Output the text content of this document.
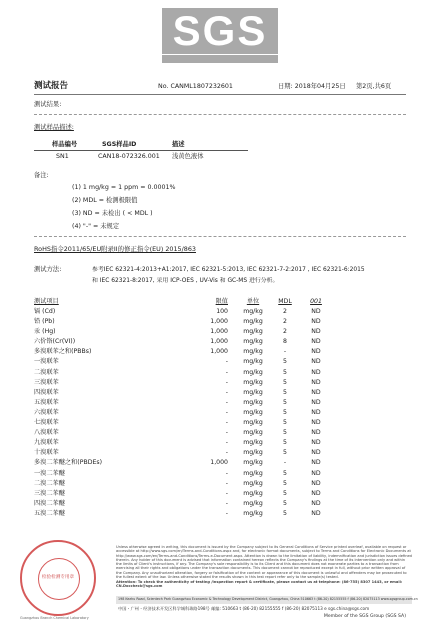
SGS
测试报告	No. CANML1807232601	日期: 2018年04月25日 第2页,共6页
测试结果:
测试样品描述:
样品编号	SGS样品ID	描述
SN1	CAN18-072326.001 浅黄色液体
备注:
(1) 1 mg/kg = 1 ppm = 0.0001%
(2) MDL = 检测极限值
(3) ND = 未检出 ( < MDL )
(4) "-" = 未规定
RoHS指令2011/65/EU附录II的修正指令(EU) 2015/863
测试方法:	参考IEC 62321-4:2013+A1:2017, IEC 62321-5:2013, IEC 62321-7-2:2017 , IEC 62321-6:2015
和 IEC 62321-8:2017, 采用 ICP-OES , UV-Vis 和 GC-MS 进行分析。
测试项目	限值	单位	MDL	001
镉 (Cd)	100	mg/kg	2	ND
铅 (Pb)	1,000	mg/kg	2	ND
汞 (Hg)	1,000	mg/kg	2	ND
六价铬(Cr(VI))	1,000	mg/kg	8	ND
多溴联苯之和(PBBs)	1,000	mg/kg	-	ND
一溴联苯	-	mg/kg	5	ND
二溴联苯	-	mg/kg	5	ND
三溴联苯	-	mg/kg	5	ND
四溴联苯	-	mg/kg	5	ND
五溴联苯	-	mg/kg	5	ND
六溴联苯	-	mg/kg	5	ND
七溴联苯	-	mg/kg	5	ND
八溴联苯	-	mg/kg	5	ND
九溴联苯	-	mg/kg	5	ND
十溴联苯	-	mg/kg	5	ND
多溴二苯醚之和(PBDEs)	1,000	mg/kg	-	ND
一溴二苯醚	-	mg/kg	5	ND
二溴二苯醚	-	mg/kg	5	ND
三溴二苯醚	-	mg/kg	5	ND
四溴二苯醚	-	mg/kg	5	ND
五溴二苯醚	-	mg/kg	5	ND
检验检测专用章
Guangzhou Branch Chemical Laboratory
Unless otherwise agreed in writing, this document is issued by the Company subject to its General Conditions of Service printed overleaf, available on request or accessible at http://www.sgs.com/en/Terms-and-Conditions.aspx and, for electronic format documents, subject to Terms and Conditions for Electronic Documents at http://www.sgs.com/en/Terms-and-Conditions/Terms-e-Document.aspx. Attention is drawn to the limitation of liability, indemnification and jurisdiction issues defined therein. Any holder of this document is advised that information contained hereon reflects the Company's findings at the time of its intervention only and within the limits of Client's instructions, if any. The Company's sole responsibility is to its Client and this document does not exonerate parties to a transaction from exercising all their rights and obligations under the transaction documents. This document cannot be reproduced except in full, without prior written approval of the Company. Any unauthorized alteration, forgery or falsification of the content or appearance of this document is unlawful and offenders may be prosecuted to the fullest extent of the law. Unless otherwise stated the results shown in this test report refer only to the sample(s) tested.
Attention: To check the authenticity of testing /inspection report & certificate, please contact us at telephone: (86-755) 8307 1443, or email: CN.Doccheck@sgs.com
198 Kezhu Road, Scientech Park Guangzhou Economic & Technology Development District, Guangzhou, China 510663 t (86-20) 82155555 f (86-20) 82075113 www.sgsgroup.com.cn
中国・广州・经济技术开发区科学城科珠路198号 邮编: 510663 t (86-20) 82155555 f (86-20) 82075113 e sgs.china@sgs.com
Member of the SGS Group (SGS SA)
